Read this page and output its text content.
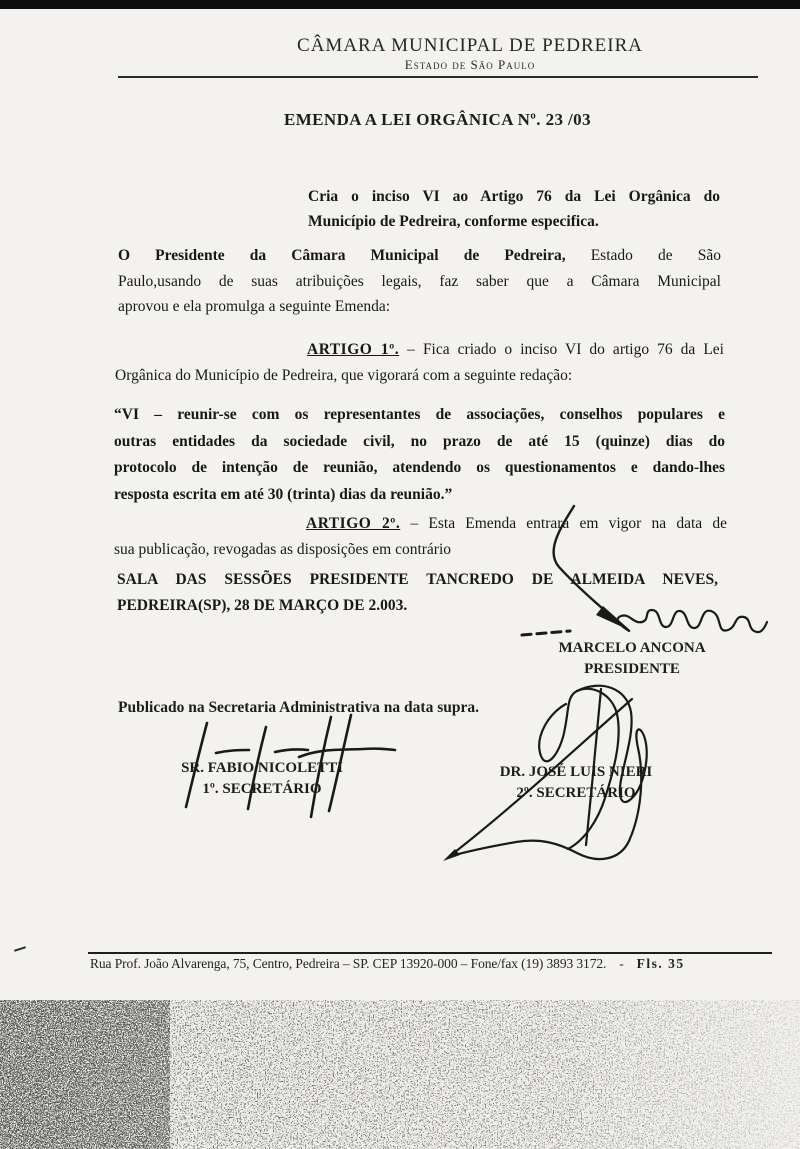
CÂMARA MUNICIPAL DE PEDREIRA
Estado de São Paulo
EMENDA A LEI ORGÂNICA Nº. 23 /03
Cria o inciso VI ao Artigo 76 da Lei Orgânica do
Município de Pedreira, conforme especifica.
O Presidente da Câmara Municipal de Pedreira, Estado de São
Paulo,usando de suas atribuições legais, faz saber que a Câmara Municipal
aprovou e ela promulga a seguinte Emenda:
ARTIGO 1º. – Fica criado o inciso VI do artigo 76 da Lei
Orgânica do Município de Pedreira, que vigorará com a seguinte redação:
“VI – reunir-se com os representantes de associações, conselhos populares e
outras entidades da sociedade civil, no prazo de até 15 (quinze) dias do
protocolo de intenção de reunião, atendendo os questionamentos e dando-lhes
resposta escrita em até 30 (trinta) dias da reunião.”
ARTIGO 2º. – Esta Emenda entrará em vigor na data de
sua publicação, revogadas as disposições em contrário
SALA DAS SESSÕES PRESIDENTE TANCREDO DE ALMEIDA NEVES,
PEDREIRA(SP), 28 DE MARÇO DE 2.003.
MARCELO ANCONA
PRESIDENTE
Publicado na Secretaria Administrativa na data supra.
SR. FABIO NICOLETTI
1º. SECRETÁRIO
DR. JOSÉ LUIS NIERI
2º. SECRETÁRIO
Rua Prof. João Alvarenga, 75, Centro, Pedreira – SP. CEP 13920-000 – Fone/fax (19) 3893 3172. - Fls. 35
